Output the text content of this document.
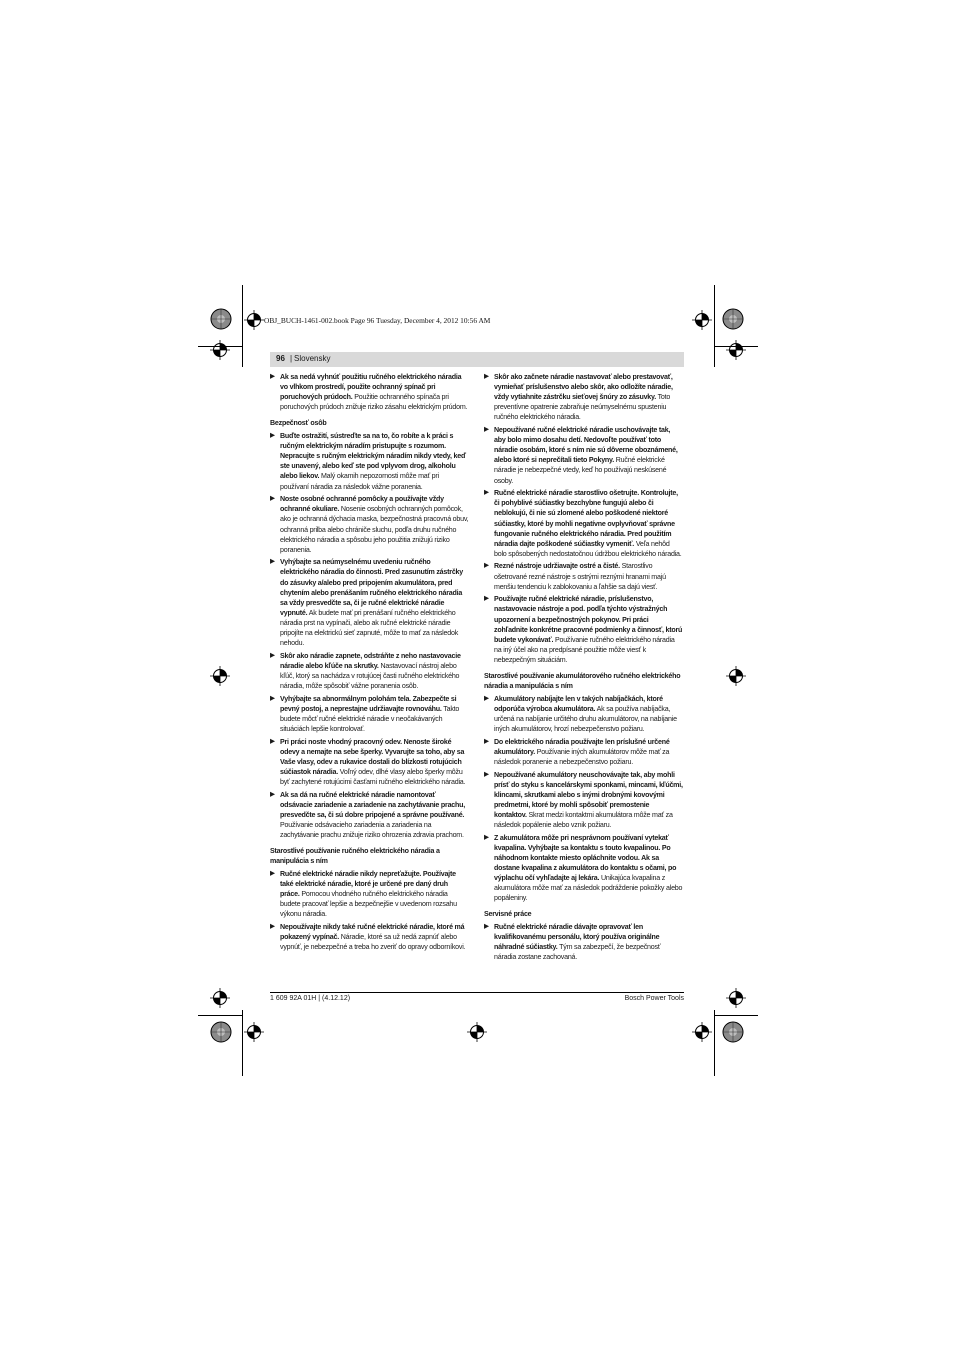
OBJ_BUCH-1461-002.book Page 96 Tuesday, December 4, 2012 10:56 AM
96 | Slovensky
▶ Ak sa nedá vyhnúť použitiu ručného elektrického náradia vo vlhkom prostredí, použite ochranný spínač pri poruchových prúdoch. Použitie ochranného spínača pri poruchových prúdoch znižuje riziko zásahu elektrickým prúdom.
Bezpečnosť osôb
▶ Buďte ostražití, sústreďte sa na to, čo robíte a k práci s ručným elektrickým náradím pristupujte s rozumom. Nepracujte s ručným elektrickým náradím nikdy vtedy, keď ste unavený, alebo keď ste pod vplyvom drog, alkoholu alebo liekov. Malý okamih nepozornosti môže mať pri používaní náradia za následok vážne poranenia.
▶ Noste osobné ochranné pomôcky a používajte vždy ochranné okuliare. Nosenie osobných ochranných pomôcok, ako je ochranná dýchacia maska, bezpečnostná pracovná obuv, ochranná prilba alebo chrániče sluchu, podľa druhu ručného elektrického náradia a spôsobu jeho použitia znižujú riziko poranenia.
▶ Vyhýbajte sa neúmyselnému uvedeniu ručného elektrického náradia do činnosti. Pred zasunutím zástrčky do zásuvky a/alebo pred pripojením akumulátora, pred chytením alebo prenášaním ručného elektrického náradia sa vždy presvedčte sa, či je ručné elektrické náradie vypnuté. Ak budete mať pri prenášaní ručného elektrického náradia prst na vypínači, alebo ak ručné elektrické náradie pripojíte na elektrickú sieť zapnuté, môže to mať za následok nehodu.
▶ Skôr ako náradie zapnete, odstráňte z neho nastavovacie náradie alebo kľúče na skrutky. Nastavovací nástroj alebo kľúč, ktorý sa nachádza v rotujúcej časti ručného elektrického náradia, môže spôsobiť vážne poranenia osôb.
▶ Vyhýbajte sa abnormálnym polohám tela. Zabezpečte si pevný postoj, a neprestajne udržiavajte rovnováhu. Takto budete môcť ručné elektrické náradie v neočakávaných situáciách lepšie kontrolovať.
▶ Pri práci noste vhodný pracovný odev. Nenoste široké odevy a nemajte na sebe šperky. Vyvarujte sa toho, aby sa Vaše vlasy, odev a rukavice dostali do blízkosti rotujúcich súčiastok náradia. Voľný odev, dlhé vlasy alebo šperky môžu byť zachytené rotujúcimi časťami ručného elektrického náradia.
▶ Ak sa dá na ručné elektrické náradie namontovať odsávacie zariadenie a zariadenie na zachytávanie prachu, presvedčte sa, či sú dobre pripojené a správne používané. Používanie odsávacieho zariadenia a zariadenia na zachytávanie prachu znižuje riziko ohrozenia zdravia prachom.
Starostlivé používanie ručného elektrického náradia a manipulácia s ním
▶ Ručné elektrické náradie nikdy nepreťažujte. Používajte také elektrické náradie, ktoré je určené pre daný druh práce. Pomocou vhodného ručného elektrického náradia budete pracovať lepšie a bezpečnejšie v uvedenom rozsahu výkonu náradia.
▶ Nepoužívajte nikdy také ručné elektrické náradie, ktoré má pokazený vypínač. Náradie, ktoré sa už nedá zapnúť alebo vypnúť, je nebezpečné a treba ho zveriť do opravy odborníkovi.
▶ Skôr ako začnete náradie nastavovať alebo prestavovať, vymieňať príslušenstvo alebo skôr, ako odložíte náradie, vždy vytiahnite zástrčku sieťovej šnúry zo zásuvky. Toto preventívne opatrenie zabraňuje neúmyselnému spusteniu ručného elektrického náradia.
▶ Nepoužívané ručné elektrické náradie uschovávajte tak, aby bolo mimo dosahu detí. Nedovoľte používať toto náradie osobám, ktoré s ním nie sú dôverne oboznámené, alebo ktoré si neprečítali tieto Pokyny. Ručné elektrické náradie je nebezpečné vtedy, keď ho používajú neskúsené osoby.
▶ Ručné elektrické náradie starostlivo ošetrujte. Kontrolujte, či pohyblivé súčiastky bezchybne fungujú alebo či neblokujú, či nie sú zlomené alebo poškodené niektoré súčiastky, ktoré by mohli negatívne ovplyvňovať správne fungovanie ručného elektrického náradia. Pred použitím náradia dajte poškodené súčiastky vymeniť. Veľa nehôd bolo spôsobených nedostatočnou údržbou elektrického náradia.
▶ Rezné nástroje udržiavajte ostré a čisté. Starostlivo ošetrované rezné nástroje s ostrými reznými hranami majú menšiu tendenciu k zablokovaniu a ľahšie sa dajú viesť.
▶ Používajte ručné elektrické náradie, príslušenstvo, nastavovacie nástroje a pod. podľa týchto výstražných upozornení a bezpečnostných pokynov. Pri práci zohľadnite konkrétne pracovné podmienky a činnosť, ktorú budete vykonávať. Používanie ručného elektrického náradia na iný účel ako na predpísané použitie môže viesť k nebezpečným situáciám.
Starostlivé používanie akumulátorového ručného elektrického náradia a manipulácia s ním
▶ Akumulátory nabíjajte len v takých nabíjačkách, ktoré odporúča výrobca akumulátora. Ak sa používa nabíjačka, určená na nabíjanie určitého druhu akumulátorov, na nabíjanie iných akumulátorov, hrozí nebezpečenstvo požiaru.
▶ Do elektrického náradia používajte len príslušné určené akumulátory. Používanie iných akumulátorov môže mať za následok poranenie a nebezpečenstvo požiaru.
▶ Nepoužívané akumulátory neuschovávajte tak, aby mohli prísť do styku s kancelárskymi sponkami, mincami, kľúčmi, klincami, skrutkami alebo s inými drobnými kovovými predmetmi, ktoré by mohli spôsobiť premostenie kontaktov. Skrat medzi kontaktmi akumulátora môže mať za následok popálenie alebo vznik požiaru.
▶ Z akumulátora môže pri nesprávnom používaní vytekať kvapalina. Vyhýbajte sa kontaktu s touto kvapalinou. Po náhodnom kontakte miesto opláchnite vodou. Ak sa dostane kvapalina z akumulátora do kontaktu s očami, po výplachu očí vyhľadajte aj lekára. Unikajúca kvapalina z akumulátora môže mať za následok podráždenie pokožky alebo popáleniny.
Servisné práce
▶ Ručné elektrické náradie dávajte opravovať len kvalifikovanému personálu, ktorý používa originálne náhradné súčiastky. Tým sa zabezpečí, že bezpečnosť náradia zostane zachovaná.
1 609 92A 01H | (4.12.12)	Bosch Power Tools
